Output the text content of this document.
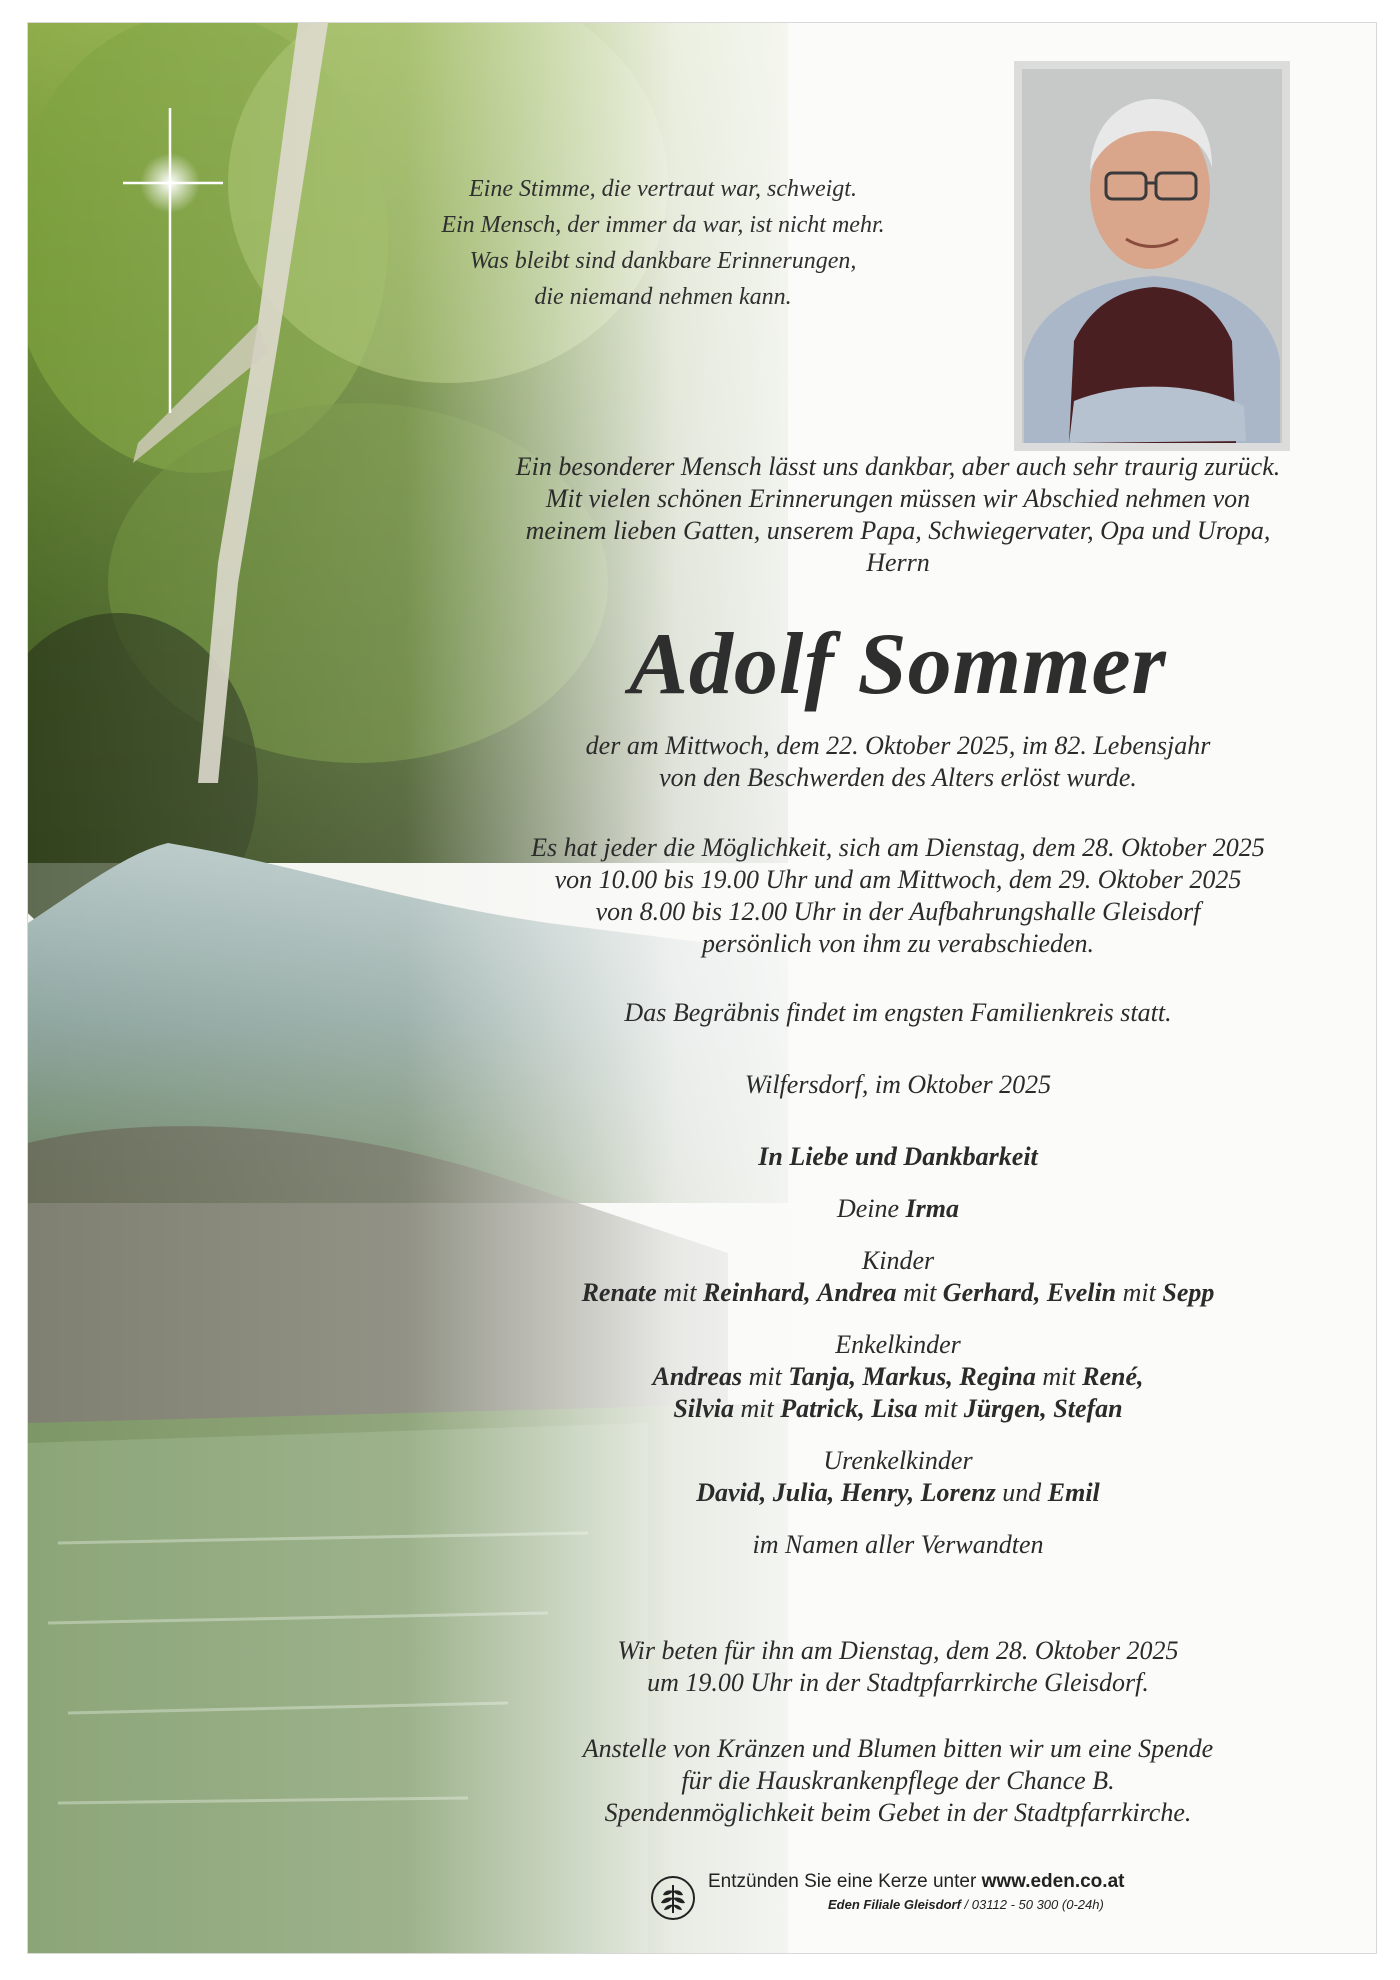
Eine Stimme, die vertraut war, schweigt.
Ein Mensch, der immer da war, ist nicht mehr.
Was bleibt sind dankbare Erinnerungen,
die niemand nehmen kann.
Ein besonderer Mensch lässt uns dankbar, aber auch sehr traurig zurück.
Mit vielen schönen Erinnerungen müssen wir Abschied nehmen von
meinem lieben Gatten, unserem Papa, Schwiegervater, Opa und Uropa,
Herrn
Adolf Sommer
der am Mittwoch, dem 22. Oktober 2025, im 82. Lebensjahr
von den Beschwerden des Alters erlöst wurde.
Es hat jeder die Möglichkeit, sich am Dienstag, dem 28. Oktober 2025
von 10.00 bis 19.00 Uhr und am Mittwoch, dem 29. Oktober 2025
von 8.00 bis 12.00 Uhr in der Aufbahrungshalle Gleisdorf
persönlich von ihm zu verabschieden.
Das Begräbnis findet im engsten Familienkreis statt.
Wilfersdorf, im Oktober 2025
In Liebe und Dankbarkeit
Deine Irma
Kinder
Renate mit Reinhard, Andrea mit Gerhard, Evelin mit Sepp
Enkelkinder
Andreas mit Tanja, Markus, Regina mit René,
Silvia mit Patrick, Lisa mit Jürgen, Stefan
Urenkelkinder
David, Julia, Henry, Lorenz und Emil
im Namen aller Verwandten
Wir beten für ihn am Dienstag, dem 28. Oktober 2025
um 19.00 Uhr in der Stadtpfarrkirche Gleisdorf.
Anstelle von Kränzen und Blumen bitten wir um eine Spende
für die Hauskrankenpflege der Chance B.
Spendenmöglichkeit beim Gebet in der Stadtpfarrkirche.
Entzünden Sie eine Kerze unter www.eden.co.at
Eden Filiale Gleisdorf / 03112 - 50 300 (0-24h)
